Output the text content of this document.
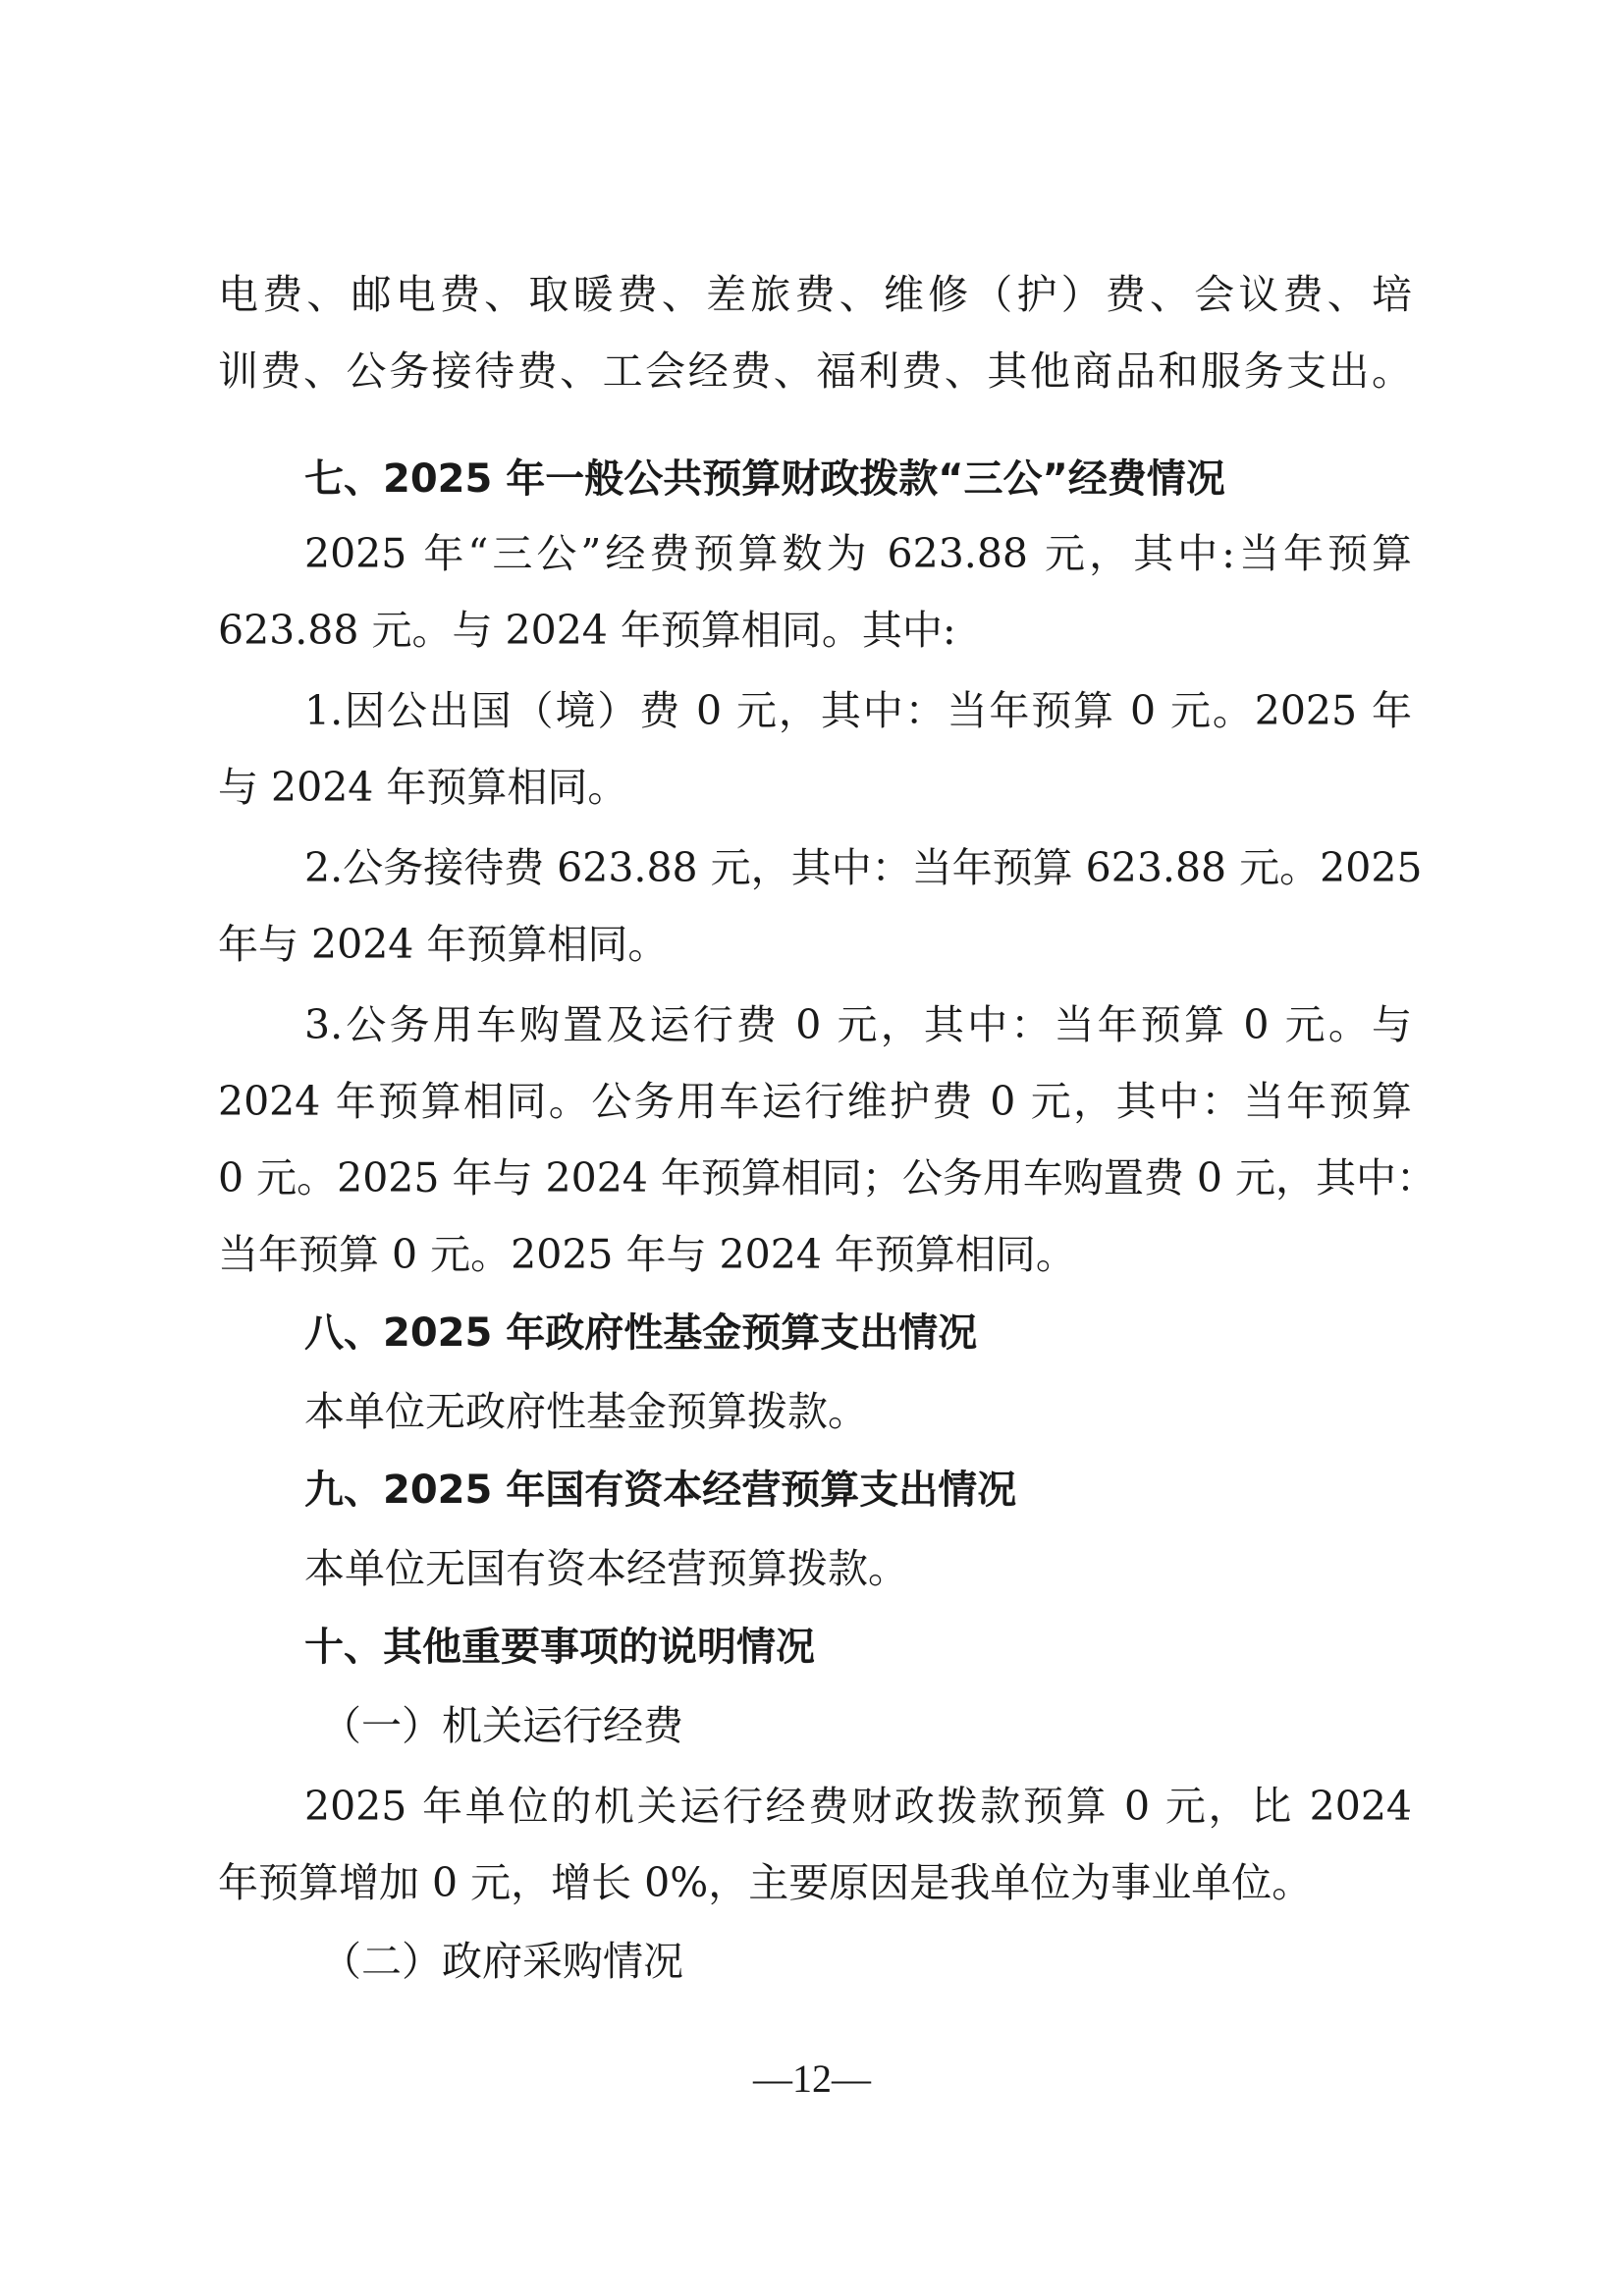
电费、邮电费、取暖费、差旅费、维修（护）费、会议费、培
训费、公务接待费、工会经费、福利费、其他商品和服务支出。
七、2025 年一般公共预算财政拨款“三公”经费情况
2025 年“三公”经费预算数为 623.88 元，其中:当年预算
623.88 元。与 2024 年预算相同。其中:
1.因公出国（境）费 0 元，其中：当年预算 0 元。2025 年
与 2024 年预算相同。
2.公务接待费 623.88 元，其中：当年预算 623.88 元。2025
年与 2024 年预算相同。
3.公务用车购置及运行费 0 元，其中：当年预算 0 元。与
2024 年预算相同。公务用车运行维护费 0 元，其中：当年预算
0 元。2025 年与 2024 年预算相同；公务用车购置费 0 元，其中：
当年预算 0 元。2025 年与 2024 年预算相同。
八、2025 年政府性基金预算支出情况
本单位无政府性基金预算拨款。
九、2025 年国有资本经营预算支出情况
本单位无国有资本经营预算拨款。
十、其他重要事项的说明情况
（一）机关运行经费
2025 年单位的机关运行经费财政拨款预算 0 元，比 2024
年预算增加 0 元，增长 0%，主要原因是我单位为事业单位。
（二）政府采购情况
—12—
